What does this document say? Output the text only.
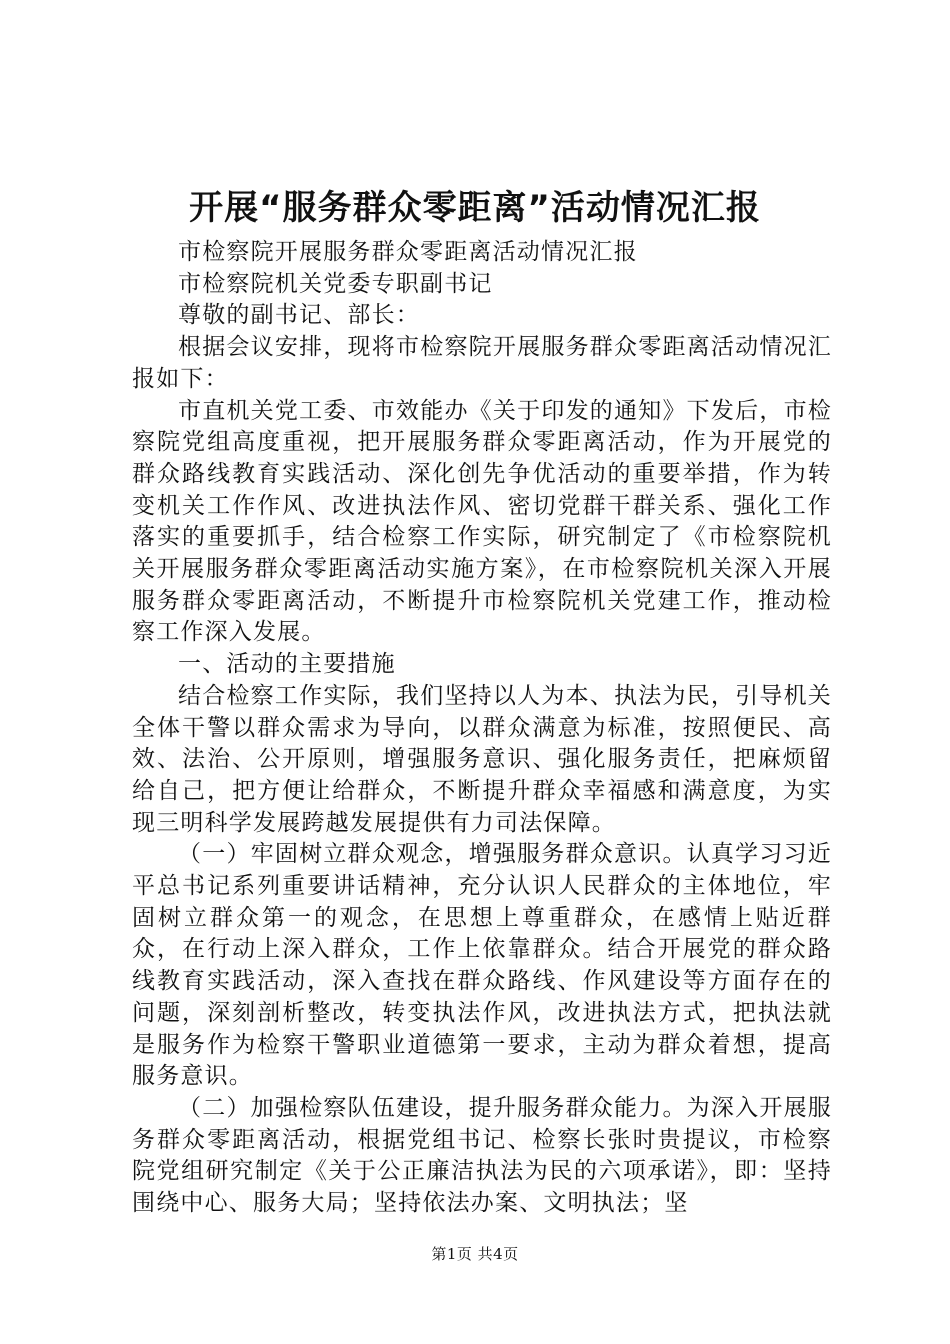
开展“服务群众零距离”活动情况汇报

市检察院开展服务群众零距离活动情况汇报

市检察院机关党委专职副书记

尊敬的副书记、部长：

根据会议安排，现将市检察院开展服务群众零距离活动情况汇报如下：

市直机关党工委、市效能办《关于印发的通知》下发后，市检察院党组高度重视，把开展服务群众零距离活动，作为开展党的群众路线教育实践活动、深化创先争优活动的重要举措，作为转变机关工作作风、改进执法作风、密切党群干群关系、强化工作落实的重要抓手，结合检察工作实际，研究制定了《市检察院机关开展服务群众零距离活动实施方案》，在市检察院机关深入开展服务群众零距离活动，不断提升市检察院机关党建工作，推动检察工作深入发展。

一、活动的主要措施

结合检察工作实际，我们坚持以人为本、执法为民，引导机关全体干警以群众需求为导向，以群众满意为标准，按照便民、高效、法治、公开原则，增强服务意识、强化服务责任，把麻烦留给自己，把方便让给群众，不断提升群众幸福感和满意度，为实现三明科学发展跨越发展提供有力司法保障。

（一）牢固树立群众观念，增强服务群众意识。认真学习习近平总书记系列重要讲话精神，充分认识人民群众的主体地位，牢固树立群众第一的观念，在思想上尊重群众，在感情上贴近群众，在行动上深入群众，工作上依靠群众。结合开展党的群众路线教育实践活动，深入查找在群众路线、作风建设等方面存在的问题，深刻剖析整改，转变执法作风，改进执法方式，把执法就是服务作为检察干警职业道德第一要求，主动为群众着想，提高服务意识。

（二）加强检察队伍建设，提升服务群众能力。为深入开展服务群众零距离活动，根据党组书记、检察长张时贵提议，市检察院党组研究制定《关于公正廉洁执法为民的六项承诺》，即：坚持围绕中心、服务大局；坚持依法办案、文明执法；坚

第1页 共4页
